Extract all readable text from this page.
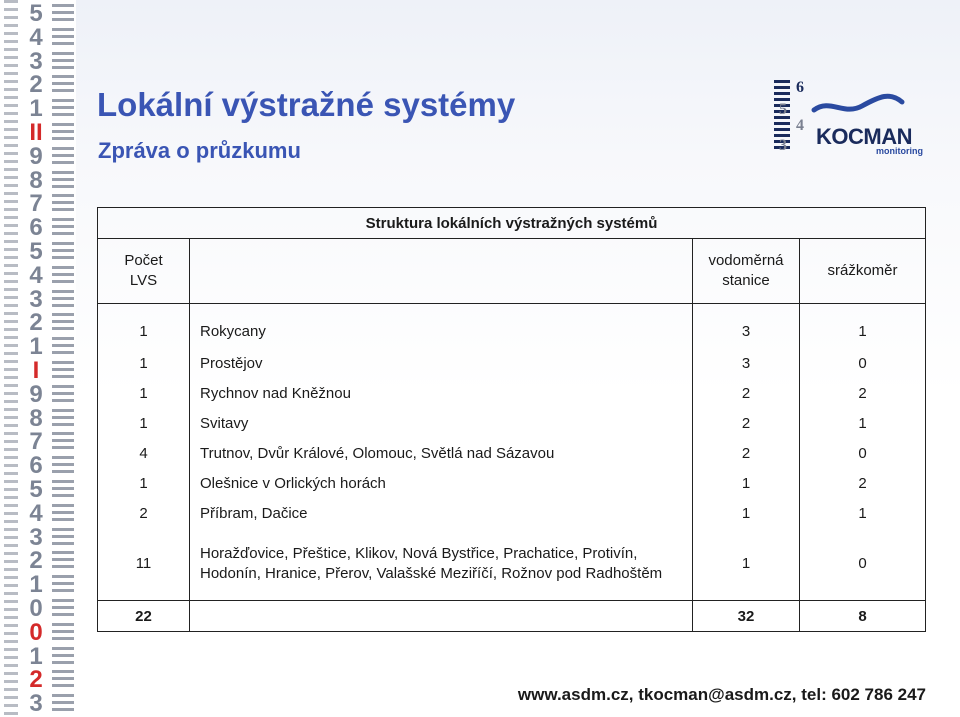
5
4
3
2
1
II
9
8
7
6
5
4
3
2
1
I
9
8
7
6
5
4
3
2
1
0
0
1
2
3
Lokální výstražné systémy
Zpráva o průzkumu
6
5
4
3 KOCMAN
monitoring
Struktura lokálních výstražných systémů			
Počet LVS		vodoměrná stanice	srážkoměr
1	Rokycany	3	1
1	Prostějov	3	0
1	Rychnov nad Kněžnou	2	2
1	Svitavy	2	1
4	Trutnov, Dvůr Králové, Olomouc, Světlá nad Sázavou	2	0
1	Olešnice v Orlických horách	1	2
2	Příbram, Dačice	1	1
11	Horažďovice, Přeštice, Klikov, Nová Bystřice, Prachatice, Protivín, Hodonín, Hranice, Přerov, Valašské Meziříčí, Rožnov pod Radhoštěm	1	0
22		32	8
www.asdm.cz, tkocman@asdm.cz, tel: 602 786 247
